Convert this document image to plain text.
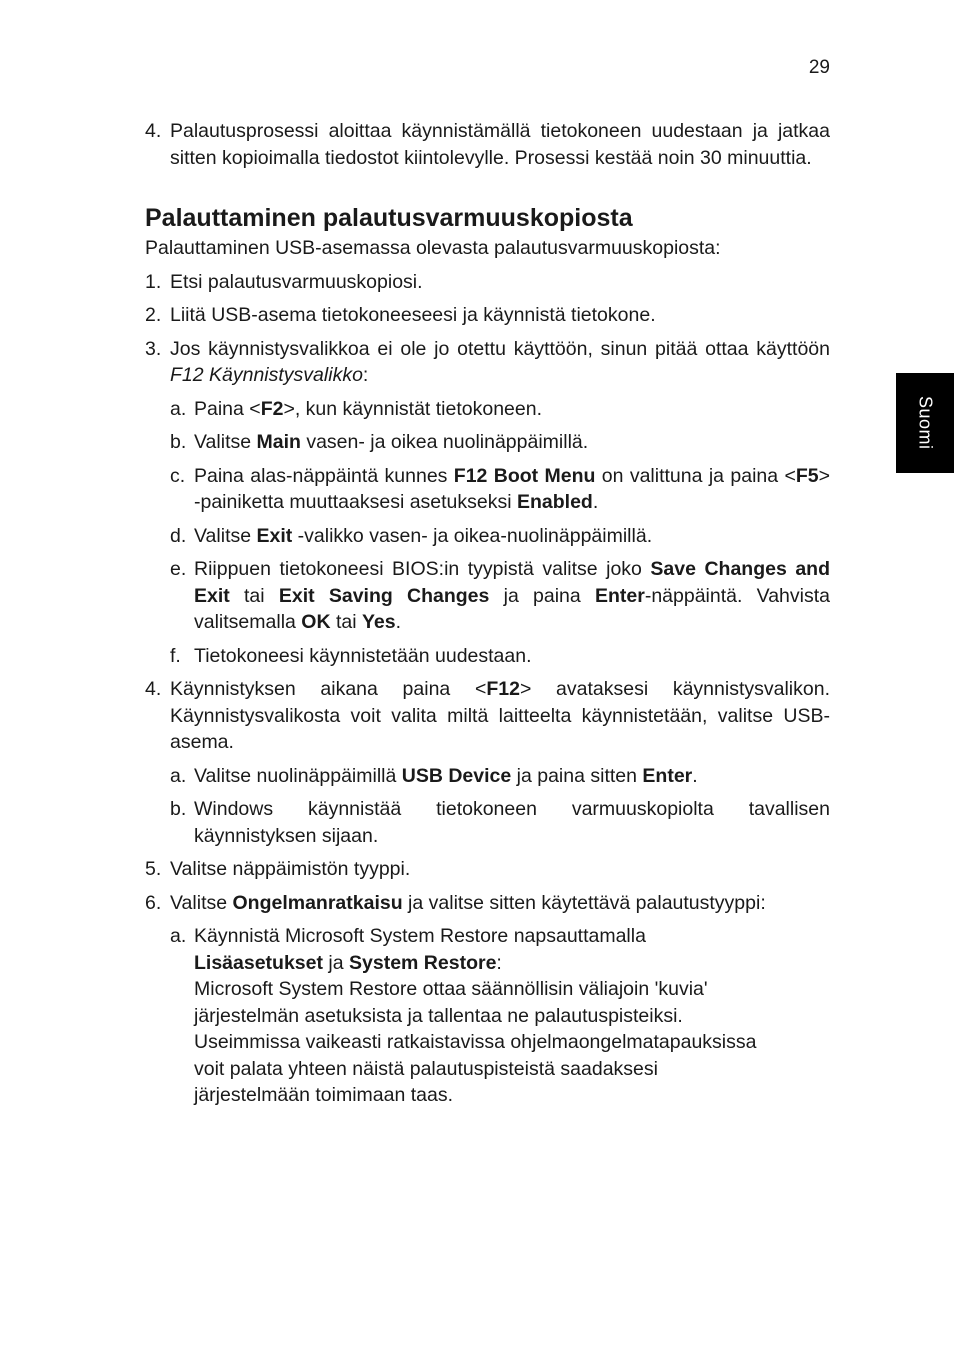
29
Suomi
4. Palautusprosessi aloittaa käynnistämällä tietokoneen uudestaan ja jatkaa sitten kopioimalla tiedostot kiintolevylle. Prosessi kestää noin 30 minuuttia.
Palauttaminen palautusvarmuuskopiosta
Palauttaminen USB-asemassa olevasta palautusvarmuuskopiosta:
1. Etsi palautusvarmuuskopiosi.
2. Liitä USB-asema tietokoneeseesi ja käynnistä tietokone.
3. Jos käynnistysvalikkoa ei ole jo otettu käyttöön, sinun pitää ottaa käyttöön F12 Käynnistysvalikko:
a. Paina <F2>, kun käynnistät tietokoneen.
b. Valitse Main vasen- ja oikea nuolinäppäimillä.
c. Paina alas-näppäintä kunnes F12 Boot Menu on valittuna ja paina <F5> -painiketta muuttaaksesi asetukseksi Enabled.
d. Valitse Exit -valikko vasen- ja oikea-nuolinäppäimillä.
e. Riippuen tietokoneesi BIOS:in tyypistä valitse joko Save Changes and Exit tai Exit Saving Changes ja paina Enter-näppäintä. Vahvista valitsemalla OK tai Yes.
f. Tietokoneesi käynnistetään uudestaan.
4. Käynnistyksen aikana paina <F12> avataksesi käynnistysvalikon. Käynnistysvalikosta voit valita miltä laitteelta käynnistetään, valitse USB-asema.
a. Valitse nuolinäppäimillä USB Device ja paina sitten Enter.
b. Windows käynnistää tietokoneen varmuuskopiolta tavallisen käynnistyksen sijaan.
5. Valitse näppäimistön tyyppi.
6. Valitse Ongelmanratkaisu ja valitse sitten käytettävä palautustyyppi:
a. Käynnistä Microsoft System Restore napsauttamalla
Lisäasetukset ja System Restore:
Microsoft System Restore ottaa säännöllisin väliajoin 'kuvia'
järjestelmän asetuksista ja tallentaa ne palautuspisteiksi.
Useimmissa vaikeasti ratkaistavissa ohjelmaongelmatapauksissa
voit palata yhteen näistä palautuspisteistä saadaksesi
järjestelmään toimimaan taas.
